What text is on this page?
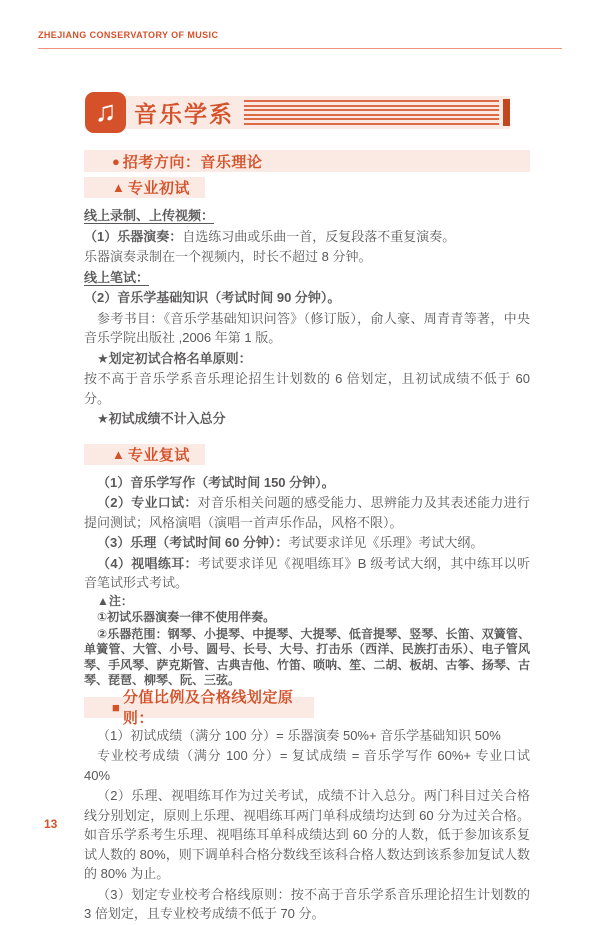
ZHEJIANG CONSERVATORY OF MUSIC
♫ 音乐学系
● 招考方向：音乐理论
▲ 专业初试

线上录制、上传视频：

（1）乐器演奏：自选练习曲或乐曲一首，反复段落不重复演奏。

乐器演奏录制在一个视频内，时长不超过 8 分钟。

线上笔试：

（2）音乐学基础知识（考试时间 90 分钟）。

参考书目：《音乐学基础知识问答》（修订版），俞人豪、周青青等著，中央音乐学院出版社 ,2006 年第 1 版。

★划定初试合格名单原则：

按不高于音乐学系音乐理论招生计划数的 6 倍划定，且初试成绩不低于 60 分。

★初试成绩不计入总分

▲ 专业复试

（1）音乐学写作（考试时间 150 分钟）。

（2）专业口试：对音乐相关问题的感受能力、思辨能力及其表述能力进行提问测试；风格演唱（演唱一首声乐作品，风格不限）。

（3）乐理（考试时间 60 分钟）：考试要求详见《乐理》考试大纲。

（4）视唱练耳：考试要求详见《视唱练耳》B 级考试大纲，其中练耳以听音笔试形式考试。

▲注：

①初试乐器演奏一律不使用伴奏。

②乐器范围：钢琴、小提琴、中提琴、大提琴、低音提琴、竖琴、长笛、双簧管、单簧管、大管、小号、圆号、长号、大号、打击乐（西洋、民族打击乐）、电子管风琴、手风琴、萨克斯管、古典吉他、竹笛、唢呐、笙、二胡、板胡、古筝、扬琴、古琴、琵琶、柳琴、阮、三弦。

■
分值比例及合格线划定原则：

（1）初试成绩（满分 100 分）= 乐器演奏 50%+ 音乐学基础知识 50%

专业校考成绩（满分 100 分）= 复试成绩 = 音乐学写作 60%+ 专业口试 40%

（2）乐理、视唱练耳作为过关考试，成绩不计入总分。两门科目过关合格线分别划定，原则上乐理、视唱练耳两门单科成绩均达到 60 分为过关合格。如音乐学系考生乐理、视唱练耳单科成绩达到 60 分的人数，低于参加该系复试人数的 80%，则下调单科合格分数线至该科合格人数达到该系参加复试人数的 80% 为止。

（3）划定专业校考合格线原则：按不高于音乐学系音乐理论招生计划数的 3 倍划定，且专业校考成绩不低于 70 分。

13
